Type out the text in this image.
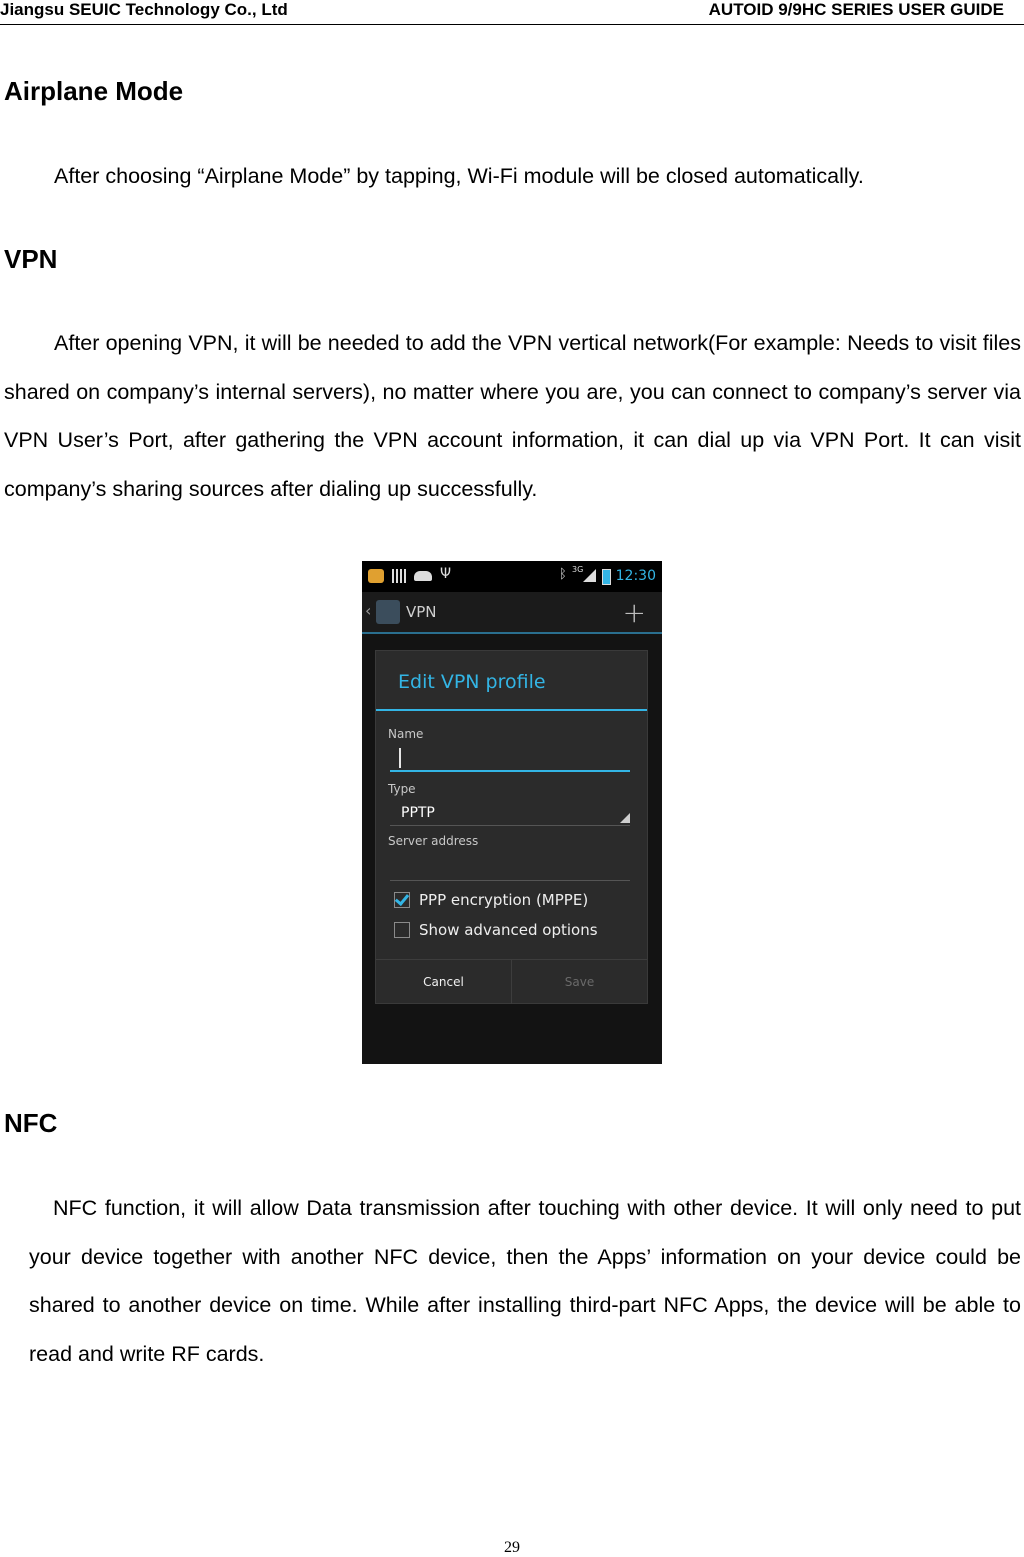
Jiangsu SEUIC Technology Co., Ltd	AUTOID 9/9HC SERIES USER GUIDE
Airplane Mode

After choosing “Airplane Mode” by tapping, Wi-Fi module will be closed automatically.

VPN

After opening VPN, it will be needed to add the VPN vertical network(For example: Needs to visit files shared on company’s internal servers), no matter where you are, you can connect to company’s server via VPN User’s Port, after gathering the VPN account information, it can dial up via VPN Port. It can visit company’s sharing sources after dialing up successfully.

Ψ	ᛒ 3G 12:30
‹ VPN	+
Edit VPN profile
Name
Type
PPTP
Server address
PPP encryption (MPPE)
Show advanced options
Cancel	Save
NFC

NFC function, it will allow Data transmission after touching with other device. It will only need to put your device together with another NFC device, then the Apps’ information on your device could be shared to another device on time. While after installing third-part NFC Apps, the device will be able to read and write RF cards.

29
